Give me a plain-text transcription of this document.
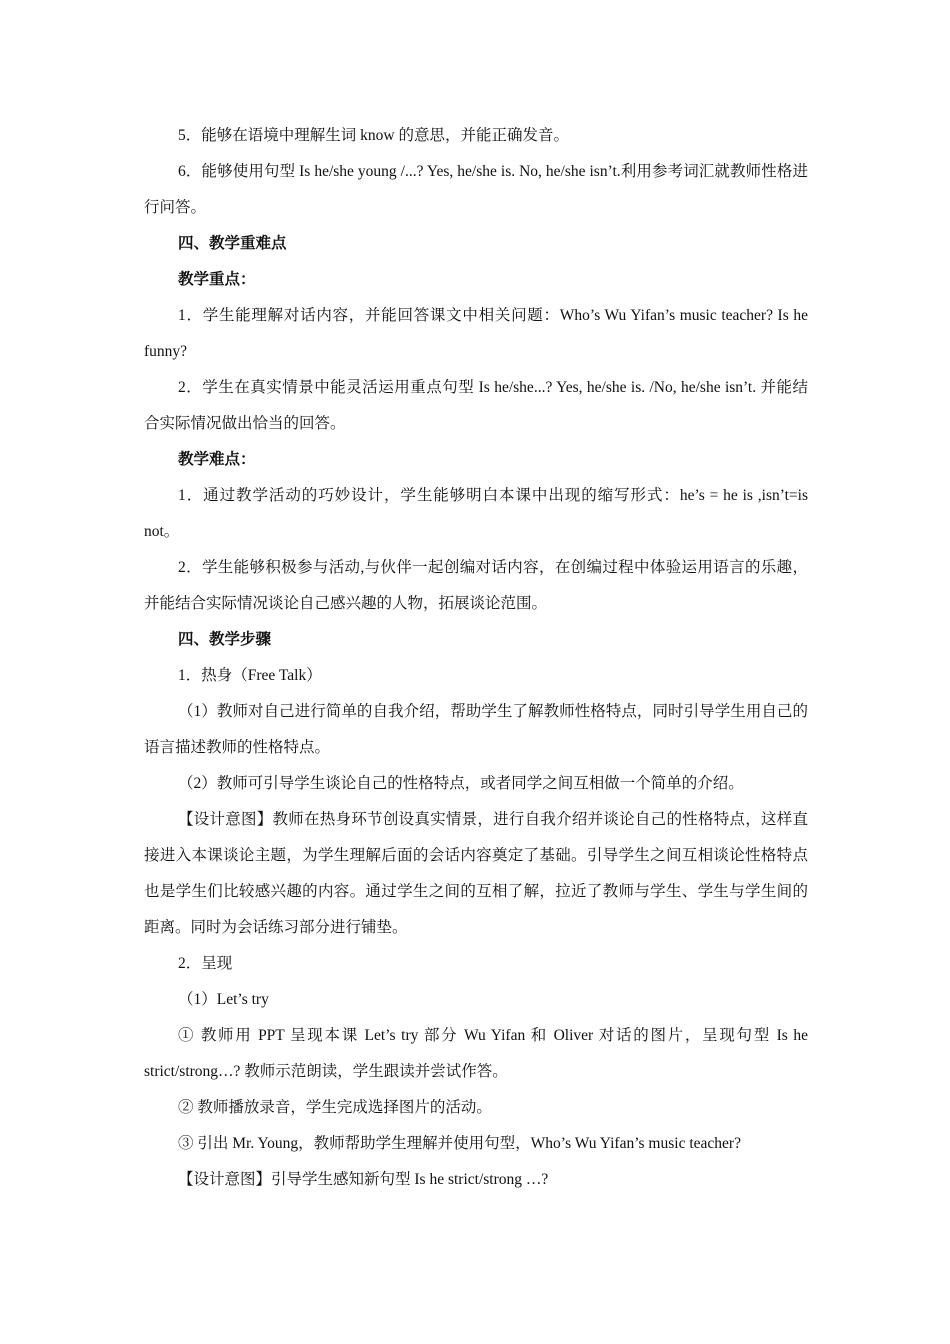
5．能够在语境中理解生词 know 的意思，并能正确发音。

6．能够使用句型 Is he/she young /...? Yes, he/she is. No, he/she isn’t.利用参考词汇就教师性格进行问答。

四、教学重难点

教学重点：

1．学生能理解对话内容，并能回答课文中相关问题：Who’s Wu Yifan’s music teacher? Is he funny?

2．学生在真实情景中能灵活运用重点句型 Is he/she...? Yes, he/she is. /No, he/she isn’t. 并能结合实际情况做出恰当的回答。

教学难点：

1．通过教学活动的巧妙设计，学生能够明白本课中出现的缩写形式：he’s = he is ,isn’t=is not。

2．学生能够积极参与活动,与伙伴一起创编对话内容，在创编过程中体验运用语言的乐趣，并能结合实际情况谈论自己感兴趣的人物，拓展谈论范围。

四、教学步骤

1．热身（Free Talk）

（1）教师对自己进行简单的自我介绍，帮助学生了解教师性格特点，同时引导学生用自己的语言描述教师的性格特点。

（2）教师可引导学生谈论自己的性格特点，或者同学之间互相做一个简单的介绍。

【设计意图】教师在热身环节创设真实情景，进行自我介绍并谈论自己的性格特点，这样直接进入本课谈论主题，为学生理解后面的会话内容奠定了基础。引导学生之间互相谈论性格特点也是学生们比较感兴趣的内容。通过学生之间的互相了解，拉近了教师与学生、学生与学生间的距离。同时为会话练习部分进行铺垫。

2．呈现

（1）Let’s try

① 教师用 PPT 呈现本课 Let’s try 部分 Wu Yifan 和 Oliver 对话的图片，呈现句型 Is he strict/strong…? 教师示范朗读，学生跟读并尝试作答。

② 教师播放录音，学生完成选择图片的活动。

③ 引出 Mr. Young，教师帮助学生理解并使用句型，Who’s Wu Yifan’s music teacher?

【设计意图】引导学生感知新句型 Is he strict/strong …?
